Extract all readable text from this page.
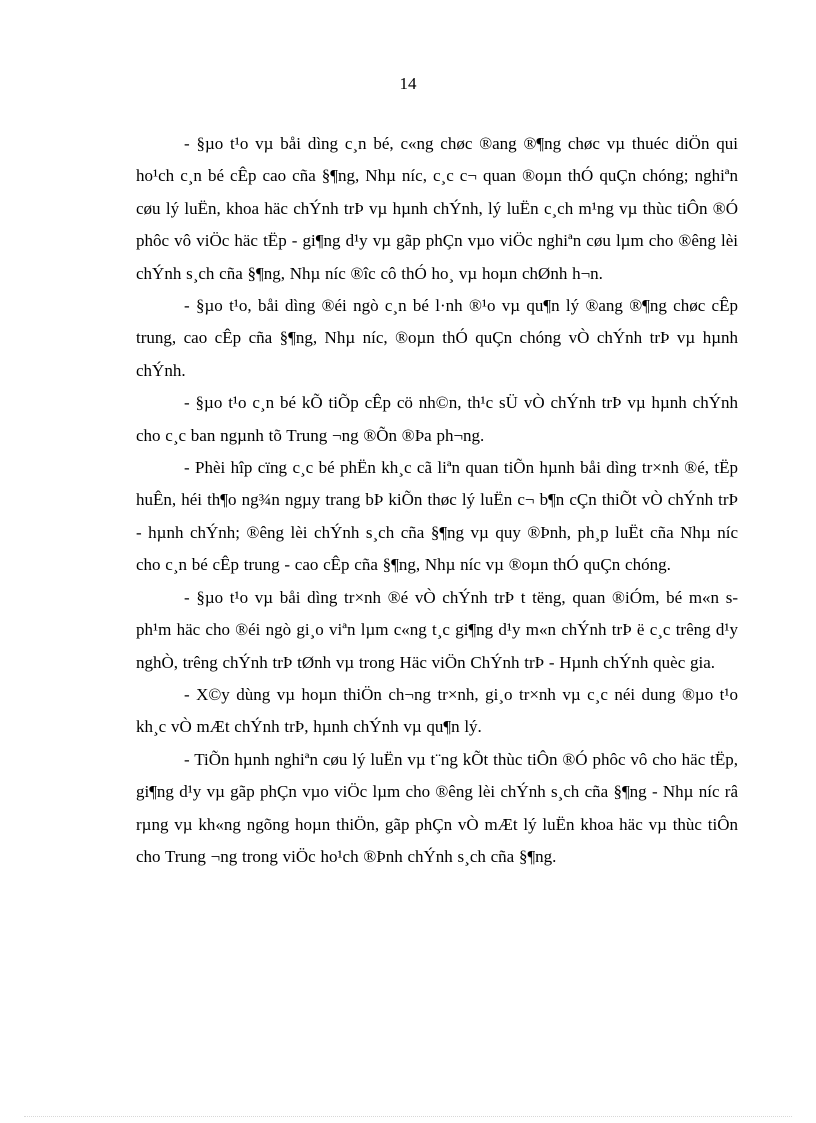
14

- §µo t¹o vµ båi dìng c¸n bé, c«ng chøc ®ang ®¶ng chøc vµ thuéc diÖn qui ho¹ch c¸n bé cÊp cao cña §¶ng, Nhµ níc, c¸c c¬ quan ®oµn thÓ quÇn chóng; nghiªn cøu lý luËn, khoa häc chÝnh trÞ vµ hµnh chÝnh, lý luËn c¸ch m¹ng vµ thùc tiÔn ®Ó phôc vô viÖc häc tËp - gi¶ng d¹y vµ gãp phÇn vµo viÖc nghiªn cøu lµm cho ®êng lèi chÝnh s¸ch cña §¶ng, Nhµ níc ®îc cô thÓ ho¸ vµ hoµn chØnh h¬n.

- §µo t¹o, båi dìng ®éi ngò c¸n bé l·nh ®¹o vµ qu¶n lý ®ang ®¶ng chøc cÊp trung, cao cÊp cña §¶ng, Nhµ níc, ®oµn thÓ quÇn chóng vÒ chÝnh trÞ vµ hµnh chÝnh.

- §µo t¹o c¸n bé kÕ tiÕp cÊp cö nh©n, th¹c sÜ vÒ chÝnh trÞ vµ hµnh chÝnh cho c¸c ban ngµnh tõ Trung ¬ng ®Õn ®Þa ph¬ng.

- Phèi hîp cïng c¸c bé phËn kh¸c cã liªn quan tiÕn hµnh båi dìng tr×nh ®é, tËp huÊn, héi th¶o ng¾n ngµy trang bÞ kiÕn thøc lý luËn c¬ b¶n cÇn thiÕt vÒ chÝnh trÞ - hµnh chÝnh; ®êng lèi chÝnh s¸ch cña §¶ng vµ quy ®Þnh, ph¸p luËt cña Nhµ níc cho c¸n bé cÊp trung - cao cÊp cña §¶ng, Nhµ níc vµ ®oµn thÓ quÇn chóng.

- §µo t¹o vµ båi dìng tr×nh ®é vÒ chÝnh trÞ t tëng, quan ®iÓm, bé m«n s ph¹m häc cho ®éi ngò gi¸o viªn lµm c«ng t¸c gi¶ng d¹y m«n chÝnh trÞ ë c¸c trêng d¹y nghÒ, trêng chÝnh trÞ tØnh vµ trong Häc viÖn ChÝnh trÞ - Hµnh chÝnh quèc gia.

- X©y dùng vµ hoµn thiÖn ch¬ng tr×nh, gi¸o tr×nh vµ c¸c néi dung ®µo t¹o kh¸c vÒ mÆt chÝnh trÞ, hµnh chÝnh vµ qu¶n lý.

- TiÕn hµnh nghiªn cøu lý luËn vµ t¨ng kÕt thùc tiÔn ®Ó phôc vô cho häc tËp, gi¶ng d¹y vµ gãp phÇn vµo viÖc lµm cho ®êng lèi chÝnh s¸ch cña §¶ng - Nhµ níc râ rµng vµ kh«ng ngõng hoµn thiÖn, gãp phÇn vÒ mÆt lý luËn khoa häc vµ thùc tiÔn cho Trung ¬ng trong viÖc ho¹ch ®Þnh chÝnh s¸ch cña §¶ng.
